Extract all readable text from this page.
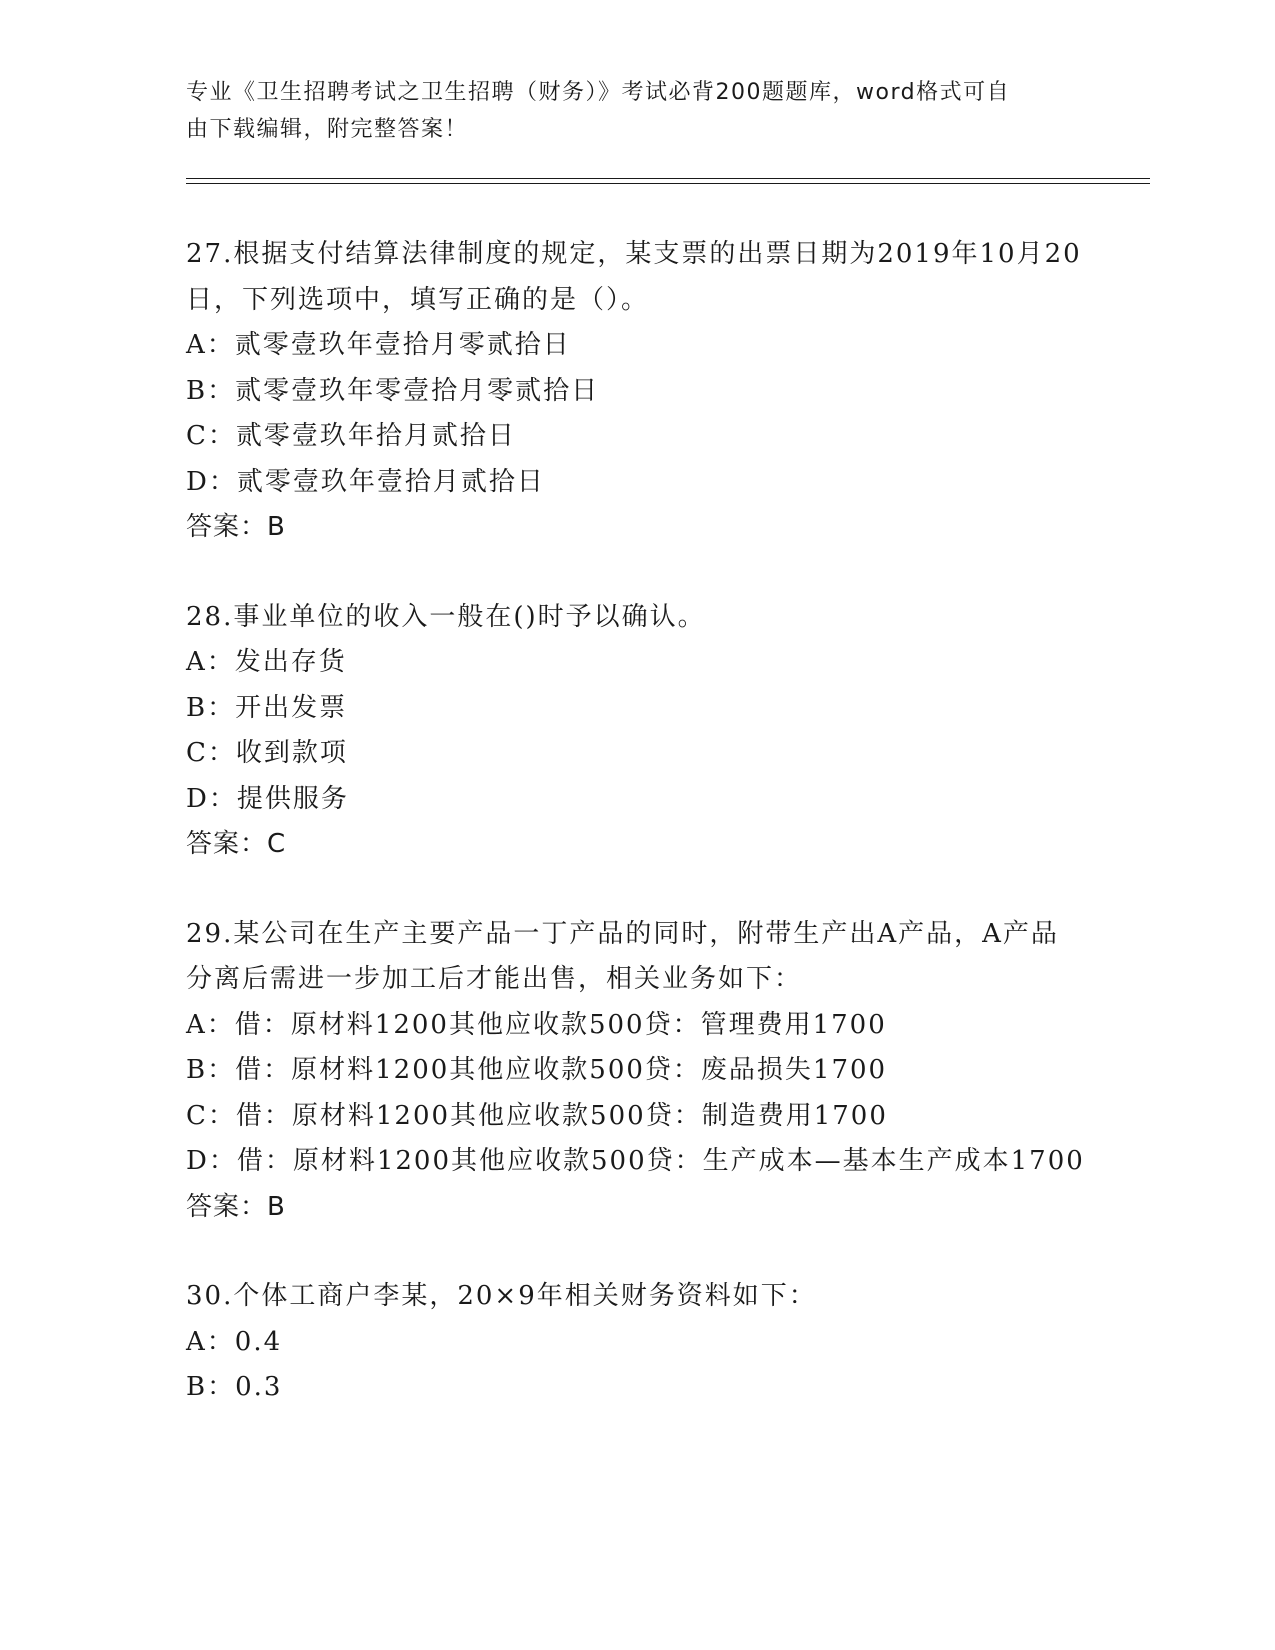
专业《卫生招聘考试之卫生招聘（财务）》考试必背200题题库，word格式可自
由下载编辑，附完整答案！
27.根据支付结算法律制度的规定，某支票的出票日期为2019年10月20日，下列选项中，填写正确的是（）。
A：贰零壹玖年壹拾月零贰拾日
B：贰零壹玖年零壹拾月零贰拾日
C：贰零壹玖年拾月贰拾日
D：贰零壹玖年壹拾月贰拾日
答案：B
28.事业单位的收入一般在()时予以确认。
A：发出存货
B：开出发票
C：收到款项
D：提供服务
答案：C
29.某公司在生产主要产品一丁产品的同时，附带生产出A产品，A产品分离后需进一步加工后才能出售，相关业务如下：
A：借：原材料1200其他应收款500贷：管理费用1700
B：借：原材料1200其他应收款500贷：废品损失1700
C：借：原材料1200其他应收款500贷：制造费用1700
D：借：原材料1200其他应收款500贷：生产成本—基本生产成本1700
答案：B
30.个体工商户李某，20×9年相关财务资料如下：
A：0.4
B：0.3
